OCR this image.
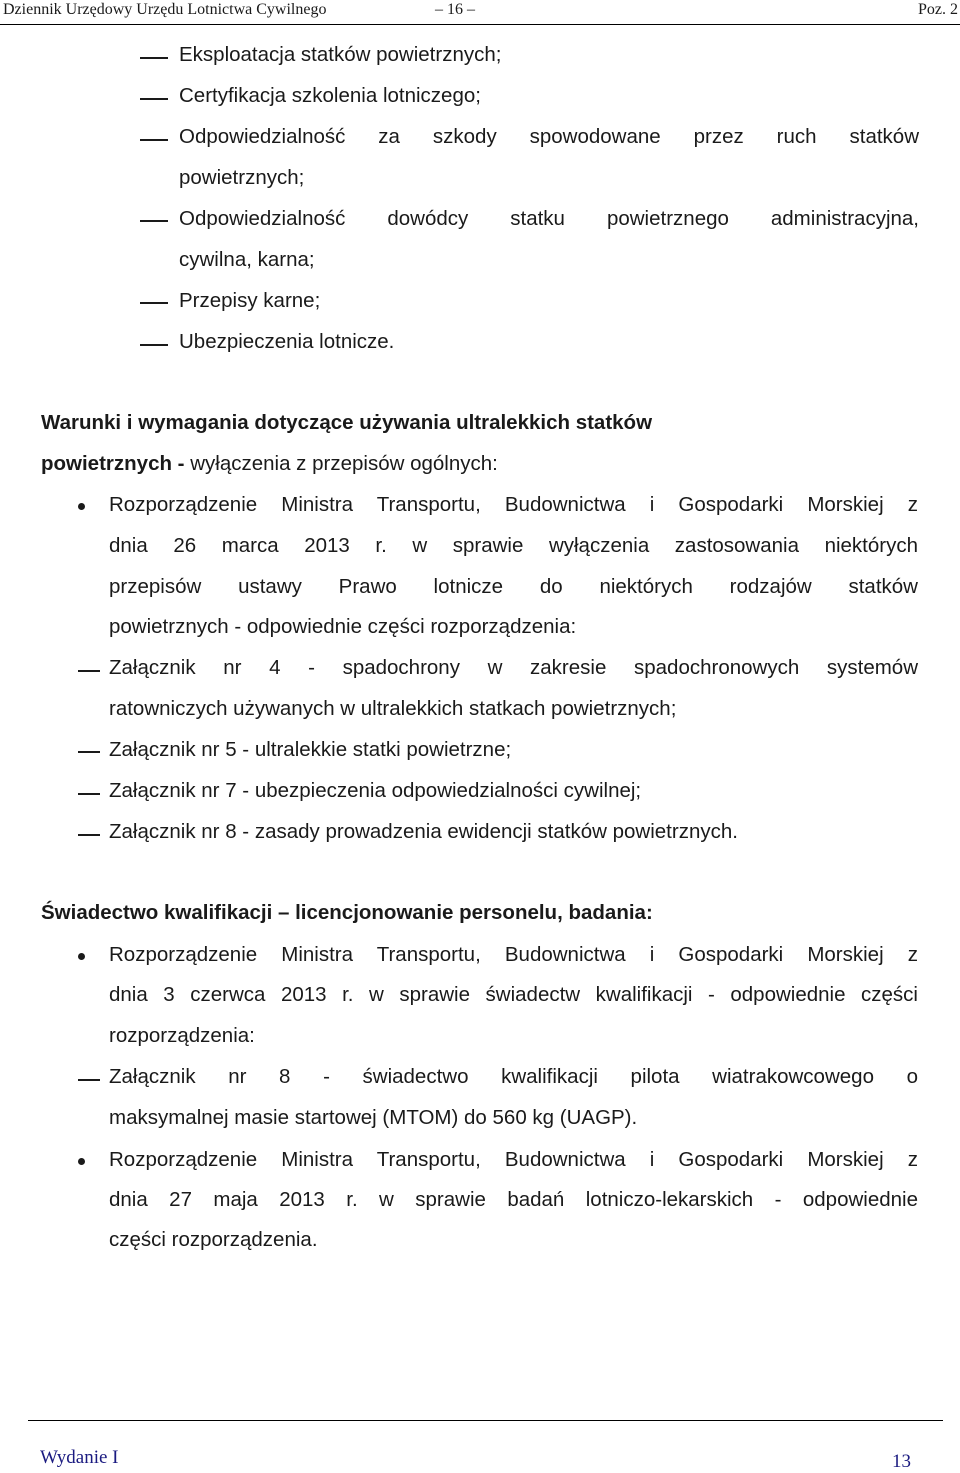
Dziennik Urzędowy Urzędu Lotnictwa Cywilnego	– 16 –	Poz. 2
Eksploatacja statków powietrznych;
Certyfikacja szkolenia lotniczego;
Odpowiedzialność za szkody spowodowane przez ruch statków
powietrznych;
Odpowiedzialność dowódcy statku powietrznego administracyjna,
cywilna, karna;
Przepisy karne;
Ubezpieczenia lotnicze.
Warunki i wymagania dotyczące używania ultralekkich statków
powietrznych - wyłączenia z przepisów ogólnych:
Rozporządzenie Ministra Transportu, Budownictwa i Gospodarki Morskiej z
dnia 26 marca 2013 r. w sprawie wyłączenia zastosowania niektórych
przepisów ustawy Prawo lotnicze do niektórych rodzajów statków
powietrznych - odpowiednie części rozporządzenia:
Załącznik nr 4 - spadochrony w zakresie spadochronowych systemów
ratowniczych używanych w ultralekkich statkach powietrznych;
Załącznik nr 5 - ultralekkie statki powietrzne;
Załącznik nr 7 - ubezpieczenia odpowiedzialności cywilnej;
Załącznik nr 8 - zasady prowadzenia ewidencji statków powietrznych.
Świadectwo kwalifikacji – licencjonowanie personelu, badania:
Rozporządzenie Ministra Transportu, Budownictwa i Gospodarki Morskiej z
dnia 3 czerwca 2013 r. w sprawie świadectw kwalifikacji - odpowiednie części
rozporządzenia:
Załącznik nr 8 - świadectwo kwalifikacji pilota wiatrakowcowego o
maksymalnej masie startowej (MTOM) do 560 kg (UAGP).
Rozporządzenie Ministra Transportu, Budownictwa i Gospodarki Morskiej z
dnia 27 maja 2013 r. w sprawie badań lotniczo-lekarskich - odpowiednie
części rozporządzenia.
Wydanie I	13
